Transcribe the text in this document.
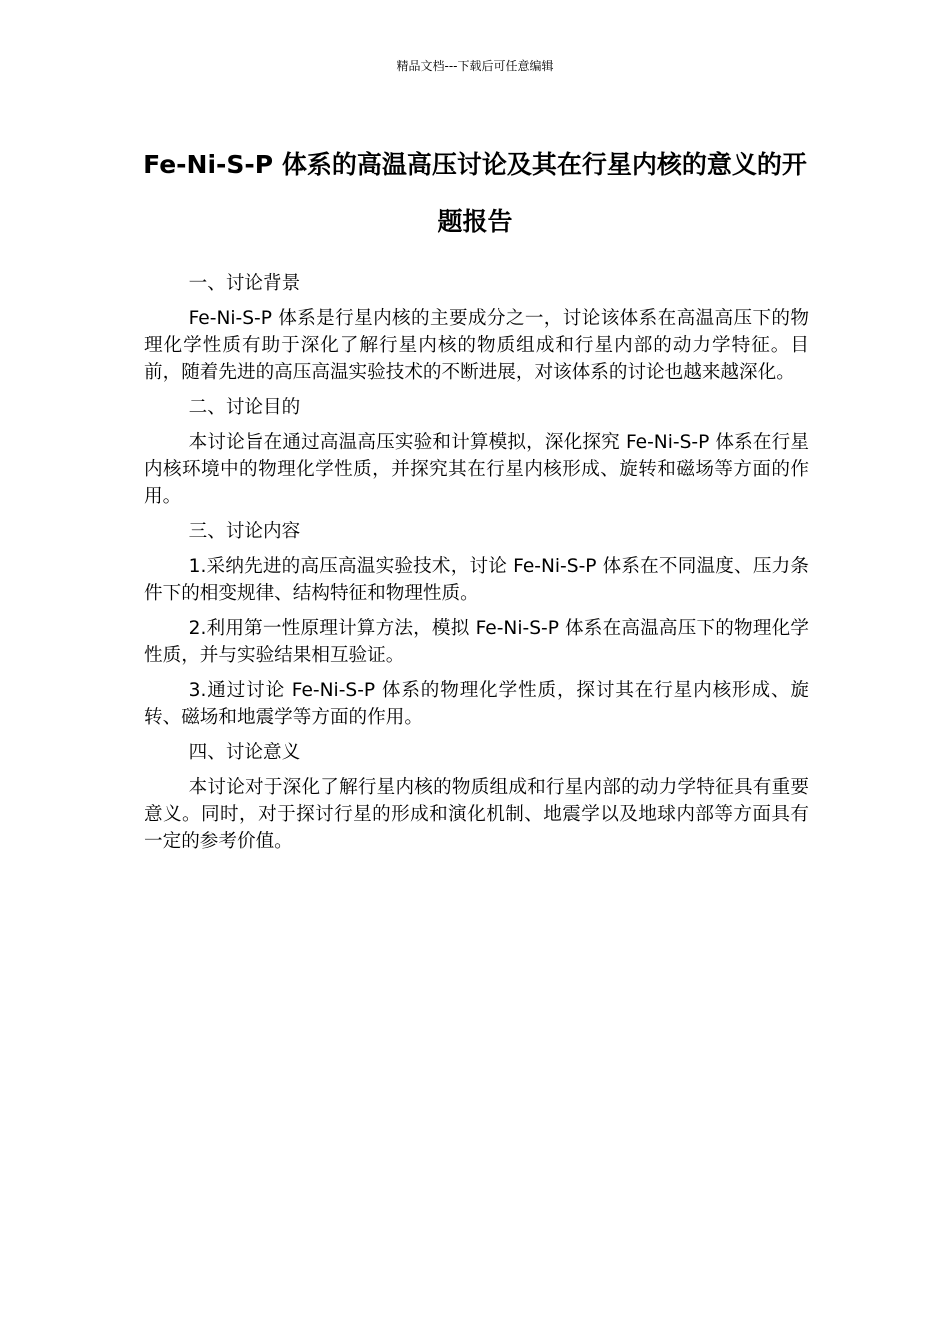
精品文档---下载后可任意编辑
Fe-Ni-S-P 体系的高温高压讨论及其在行星内核的意义的开题报告

一、讨论背景

Fe-Ni-S-P 体系是行星内核的主要成分之一，讨论该体系在高温高压下的物理化学性质有助于深化了解行星内核的物质组成和行星内部的动力学特征。目前，随着先进的高压高温实验技术的不断进展，对该体系的讨论也越来越深化。

二、讨论目的

本讨论旨在通过高温高压实验和计算模拟，深化探究 Fe-Ni-S-P 体系在行星内核环境中的物理化学性质，并探究其在行星内核形成、旋转和磁场等方面的作用。

三、讨论内容

1.采纳先进的高压高温实验技术，讨论 Fe-Ni-S-P 体系在不同温度、压力条件下的相变规律、结构特征和物理性质。

2.利用第一性原理计算方法，模拟 Fe-Ni-S-P 体系在高温高压下的物理化学性质，并与实验结果相互验证。

3.通过讨论 Fe-Ni-S-P 体系的物理化学性质，探讨其在行星内核形成、旋转、磁场和地震学等方面的作用。

四、讨论意义

本讨论对于深化了解行星内核的物质组成和行星内部的动力学特征具有重要意义。同时，对于探讨行星的形成和演化机制、地震学以及地球内部等方面具有一定的参考价值。
